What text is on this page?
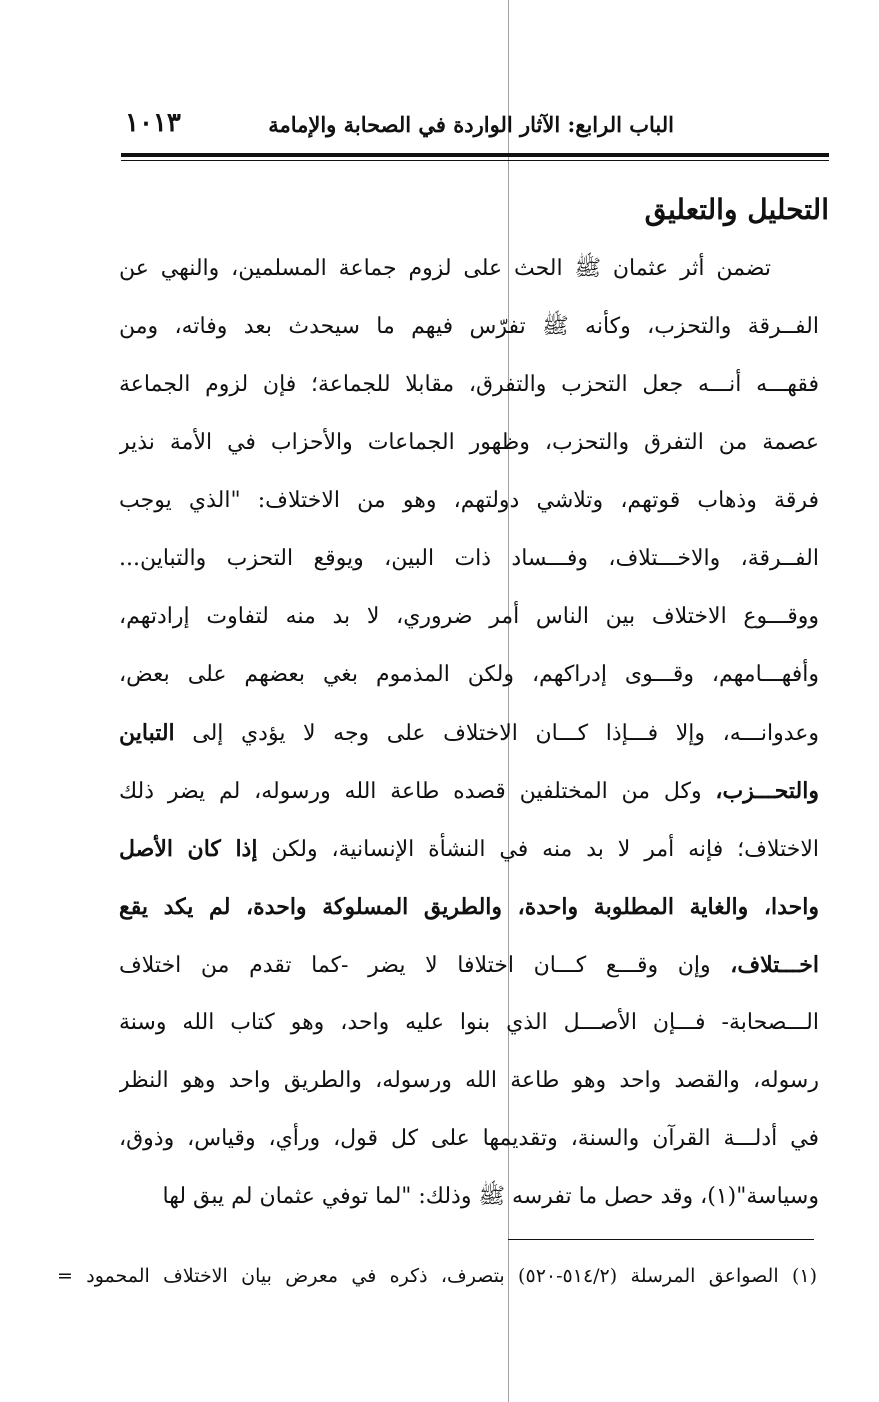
الباب الرابع: الآثار الواردة في الصحابة والإمامة
١٠١٣
التحليل والتعليق
تضمن أثر عثمان ﷺ الحث على لزوم جماعة المسلمين، والنهي عن
الفــرقة والتحزب، وكأنه ﷺ تفرّس فيهم ما سيحدث بعد وفاته، ومن
فقهـــه أنـــه جعل التحزب والتفرق، مقابلا للجماعة؛ فإن لزوم الجماعة
عصمة من التفرق والتحزب، وظهور الجماعات والأحزاب في الأمة نذير
فرقة وذهاب قوتهم، وتلاشي دولتهم، وهو من الاختلاف: "الذي يوجب
الفــرقة، والاخـــتلاف، وفـــساد ذات البين، ويوقع التحزب والتباين...
ووقـــوع الاختلاف بين الناس أمر ضروري، لا بد منه لتفاوت إرادتهم،
وأفهـــامهم، وقـــوى إدراكهم، ولكن المذموم بغي بعضهم على بعض،
وعدوانـــه، وإلا فـــإذا كـــان الاختلاف على وجه لا يؤدي إلى التباين
والتحـــزب، وكل من المختلفين قصده طاعة الله ورسوله، لم يضر ذلك
الاختلاف؛ فإنه أمر لا بد منه في النشأة الإنسانية، ولكن إذا كان الأصل
واحدا، والغاية المطلوبة واحدة، والطريق المسلوكة واحدة، لم يكد يقع
اخـــتلاف، وإن وقـــع كـــان اختلافا لا يضر -كما تقدم من اختلاف
الـــصحابة- فـــإن الأصـــل الذي بنوا عليه واحد، وهو كتاب الله وسنة
رسوله، والقصد واحد وهو طاعة الله ورسوله، والطريق واحد وهو النظر
في أدلـــة القرآن والسنة، وتقديمها على كل قول، ورأي، وقياس، وذوق،
وسياسة"(١)، وقد حصل ما تفرسه ﷺ وذلك: "لما توفي عثمان لم يبق لها
(١) الصواعق المرسلة (٥١٤/٢-٥٢٠) بتصرف، ذكره في معرض بيان الاختلاف المحمود =
